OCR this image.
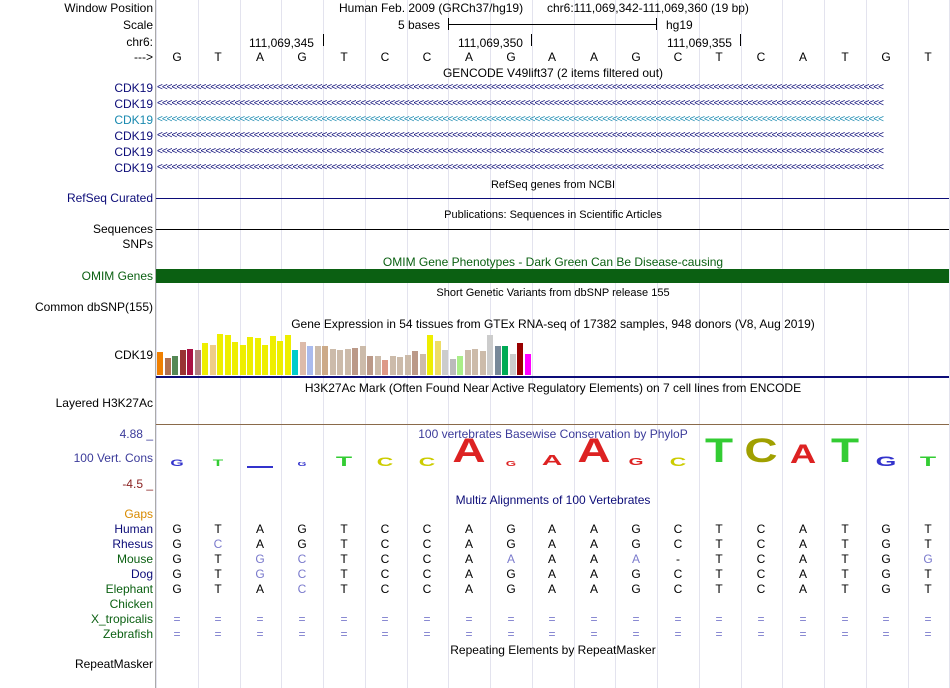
Window Position
Scale
chr6:
--->
Human Feb. 2009 (GRCh37/hg19) chr6:111,069,342-111,069,360 (19 bp)
5 bases	hg19
111,069,345	111,069,350	111,069,355
G	T	A	G	T	C	C	A	G	A	A	G	C	T	C	A	T	G	T
GENCODE V49lift37 (2 items filtered out)
CDK19 <<<<<<<<<<<<<<<<<<<<<<<<<<<<<<<<<<<<<<<<<<<<<<<<<<<<<<<<<<<<<<<<<<<<<<<<<<<<<<<<<<<<<<<<<<<<<<<<<<<<<<<<<<<<<<<<<<<<<<<<<<<<<<<<<<<<<<<<<<<<<<<<<<<<<<
CDK19 <<<<<<<<<<<<<<<<<<<<<<<<<<<<<<<<<<<<<<<<<<<<<<<<<<<<<<<<<<<<<<<<<<<<<<<<<<<<<<<<<<<<<<<<<<<<<<<<<<<<<<<<<<<<<<<<<<<<<<<<<<<<<<<<<<<<<<<<<<<<<<<<<<<<<<
CDK19 <<<<<<<<<<<<<<<<<<<<<<<<<<<<<<<<<<<<<<<<<<<<<<<<<<<<<<<<<<<<<<<<<<<<<<<<<<<<<<<<<<<<<<<<<<<<<<<<<<<<<<<<<<<<<<<<<<<<<<<<<<<<<<<<<<<<<<<<<<<<<<<<<<<<<<
CDK19 <<<<<<<<<<<<<<<<<<<<<<<<<<<<<<<<<<<<<<<<<<<<<<<<<<<<<<<<<<<<<<<<<<<<<<<<<<<<<<<<<<<<<<<<<<<<<<<<<<<<<<<<<<<<<<<<<<<<<<<<<<<<<<<<<<<<<<<<<<<<<<<<<<<<<<
CDK19 <<<<<<<<<<<<<<<<<<<<<<<<<<<<<<<<<<<<<<<<<<<<<<<<<<<<<<<<<<<<<<<<<<<<<<<<<<<<<<<<<<<<<<<<<<<<<<<<<<<<<<<<<<<<<<<<<<<<<<<<<<<<<<<<<<<<<<<<<<<<<<<<<<<<<<
CDK19 <<<<<<<<<<<<<<<<<<<<<<<<<<<<<<<<<<<<<<<<<<<<<<<<<<<<<<<<<<<<<<<<<<<<<<<<<<<<<<<<<<<<<<<<<<<<<<<<<<<<<<<<<<<<<<<<<<<<<<<<<<<<<<<<<<<<<<<<<<<<<<<<<<<<<<
RefSeq genes from NCBI
RefSeq Curated
Publications: Sequences in Scientific Articles
Sequences
SNPs
OMIM Gene Phenotypes - Dark Green Can Be Disease-causing
OMIM Genes
Short Genetic Variants from dbSNP release 155
Common dbSNP(155)
Gene Expression in 54 tissues from GTEx RNA-seq of 17382 samples, 948 donors (V8, Aug 2019)
CDK19
H3K27Ac Mark (Often Found Near Active Regulatory Elements) on 7 cell lines from ENCODE
Layered H3K27Ac
100 vertebrates Basewise Conservation by PhyloP
4.88 _
100 Vert. Cons
-4.5 _
G	T	G	T	C	C A	G	A A	G	C T C A T	G	T
Multiz Alignments of 100 Vertebrates
Gaps
Human	G	T	A	G	T	C	C	A	G	A	A	G	C	T	C	A	T	G	T
Rhesus	G	C	A	G	T	C	C	A	G	A	A	G	C	T	C	A	T	G	T
Mouse	G	T	G	C	T	C	C	A	A	A	A	A	-	T	C	A	T	G	G
Dog	G	T	G	C	T	C	C	A	G	A	A	G	C	T	C	A	T	G	T
Elephant	G	T	A	C	T	C	C	A	G	A	A	G	C	T	C	A	T	G	T
Chicken
X_tropicalis	=	=	=	=	=	=	=	=	=	=	=	=	=	=	=	=	=	=	=
Zebrafish	=	=	=	=	=	=	=	=	=	=	=	=	=	=	=	=	=	=	=
Repeating Elements by RepeatMasker
RepeatMasker
